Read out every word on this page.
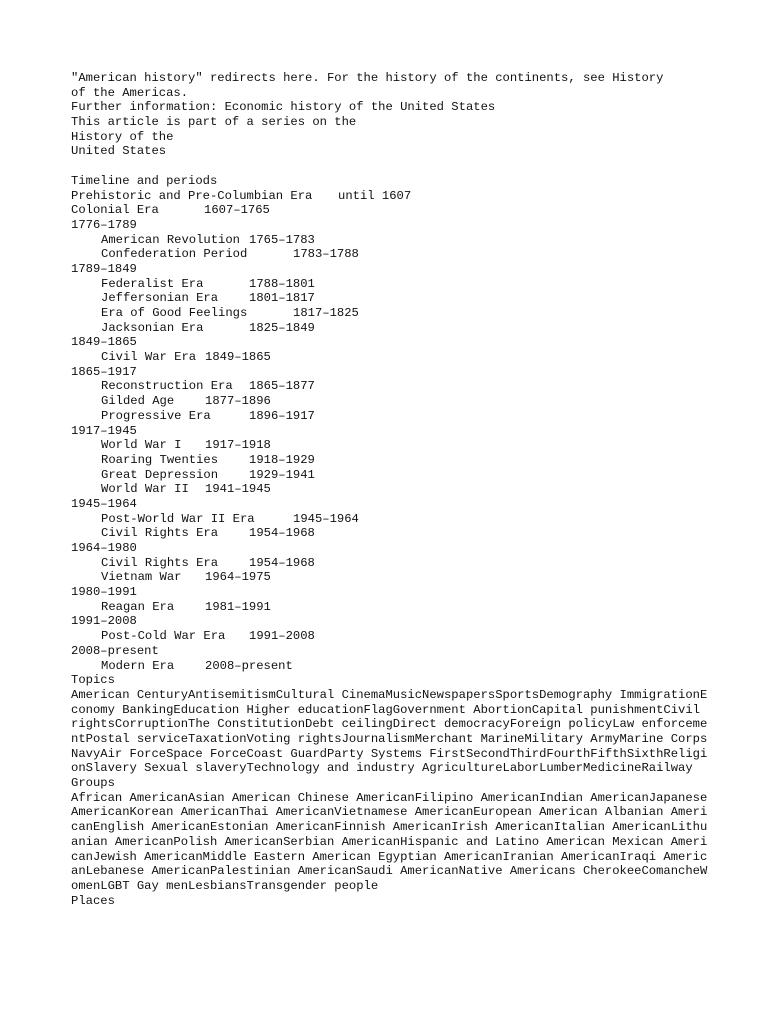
"American history" redirects here. For the history of the continents, see History
of the Americas.
Further information: Economic history of the United States
This article is part of a series on the
History of the
United States
Timeline and periods
Prehistoric and Pre-Columbian Era	until 1607
Colonial Era	1607–1765
1776–1789
American Revolution 1765–1783
Confederation Period	1783–1788
1789–1849
Federalist Era	1788–1801
Jeffersonian Era	1801–1817
Era of Good Feelings	1817–1825
Jacksonian Era	1825–1849
1849–1865
Civil War Era 1849–1865
1865–1917
Reconstruction Era	1865–1877
Gilded Age	1877–1896
Progressive Era	1896–1917
1917–1945
World War I	1917–1918
Roaring Twenties	1918–1929
Great Depression	1929–1941
World War II	1941–1945
1945–1964
Post-World War II Era	1945–1964
Civil Rights Era	1954–1968
1964–1980
Civil Rights Era	1954–1968
Vietnam War	1964–1975
1980–1991
Reagan Era	1981–1991
1991–2008
Post-Cold War Era	1991–2008
2008–present
Modern Era	2008–present
Topics
American CenturyAntisemitismCultural CinemaMusicNewspapersSportsDemography ImmigrationEconomy BankingEducation Higher educationFlagGovernment AbortionCapital punishmentCivil rightsCorruptionThe ConstitutionDebt ceilingDirect democracyForeign policyLaw enforcementPostal serviceTaxationVoting rightsJournalismMerchant MarineMilitary ArmyMarine CorpsNavyAir ForceSpace ForceCoast GuardParty Systems FirstSecondThirdFourthFifthSixthReligionSlavery Sexual slaveryTechnology and industry AgricultureLaborLumberMedicineRailway
Groups
African AmericanAsian American Chinese AmericanFilipino AmericanIndian AmericanJapanese AmericanKorean AmericanThai AmericanVietnamese AmericanEuropean American Albanian AmericanEnglish AmericanEstonian AmericanFinnish AmericanIrish AmericanItalian AmericanLithuanian AmericanPolish AmericanSerbian AmericanHispanic and Latino American Mexican AmericanJewish AmericanMiddle Eastern American Egyptian AmericanIranian AmericanIraqi AmericanLebanese AmericanPalestinian AmericanSaudi AmericanNative Americans CherokeeComancheWomenLGBT Gay menLesbiansTransgender people
Places
